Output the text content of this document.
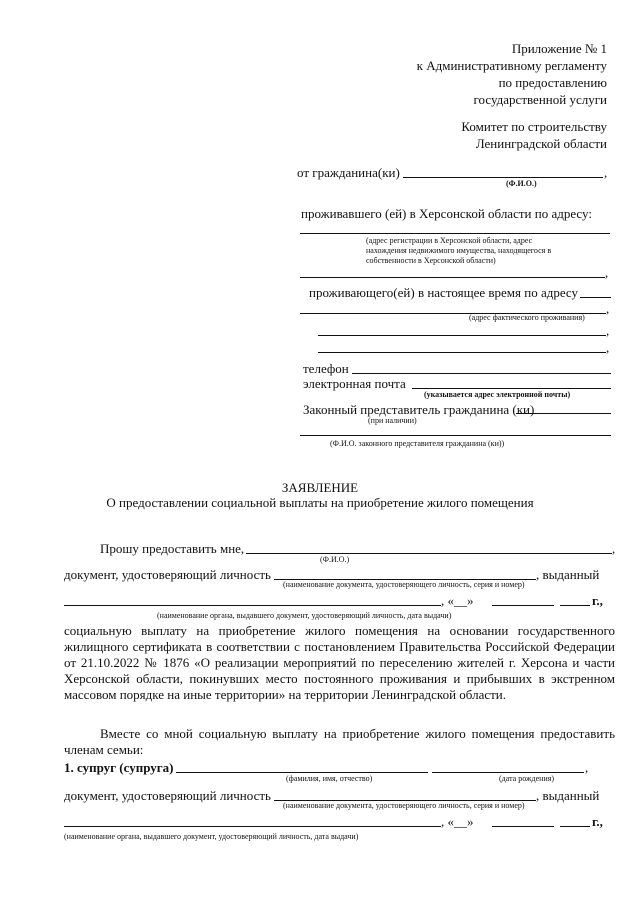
Приложение № 1
к Административному регламенту
по предоставлению
государственной услуги
Комитет по строительству
Ленинградской области
от гражданина(ки)	,
(Ф.И.О.)
проживавшего (ей) в Херсонской области по адресу:
(адрес регистрации в Херсонской области, адрес
нахождения недвижимого имущества, находящегося в
собственности в Херсонской области)
,
проживающего(ей) в настоящее время по адресу
,
(адрес фактического проживания)
,
,
телефон
электронная почта
(указывается адрес электронной почты)
Законный представитель гражданина (ки)
(при наличии)
(Ф.И.О. законного представителя гражданина (ки))
ЗАЯВЛЕНИЕ
О предоставлении социальной выплаты на приобретение жилого помещения
Прошу предоставить мне,	,
(Ф.И.О.)
документ, удостоверяющий личность	, выданный
(наименование документа, удостоверяющего личность, серия и номер)
, «__»	г.,
(наименование органа, выдавшего документ, удостоверяющий личность, дата выдачи)
социальную выплату на приобретение жилого помещения на основании государственного
жилищного сертификата в соответствии с постановлением Правительства Российской Федерации
от 21.10.2022 № 1876 «О реализации мероприятий по переселению жителей г. Херсона и части
Херсонской области, покинувших место постоянного проживания и прибывших в экстренном
массовом порядке на иные территории» на территории Ленинградской области.
Вместе со мной социальную выплату на приобретение жилого помещения предоставить
членам семьи:
1. супруг (супруга)	,
(фамилия, имя, отчество)	(дата рождения)
документ, удостоверяющий личность	, выданный
(наименование документа, удостоверяющего личность, серия и номер)
, «__»	г.,
(наименование органа, выдавшего документ, удостоверяющий личность, дата выдачи)
